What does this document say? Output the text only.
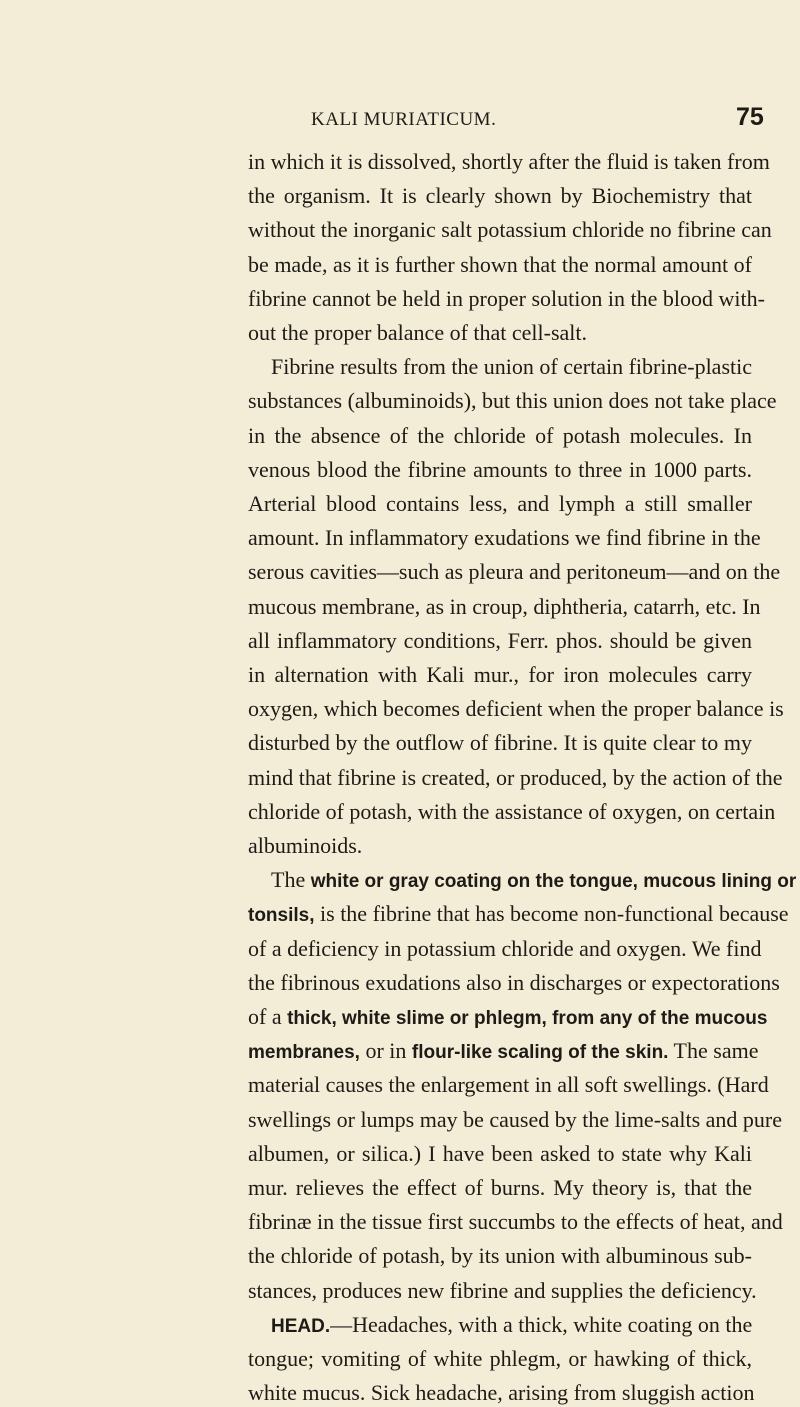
KALI MURIATICUM.	75
in which it is dissolved, shortly after the fluid is taken from
the organism. It is clearly shown by Biochemistry that
without the inorganic salt potassium chloride no fibrine can
be made, as it is further shown that the normal amount of
fibrine cannot be held in proper solution in the blood with-
out the proper balance of that cell-salt.
Fibrine results from the union of certain fibrine-plastic
substances (albuminoids), but this union does not take place
in the absence of the chloride of potash molecules. In
venous blood the fibrine amounts to three in 1000 parts.
Arterial blood contains less, and lymph a still smaller
amount. In inflammatory exudations we find fibrine in the
serous cavities—such as pleura and peritoneum—and on the
mucous membrane, as in croup, diphtheria, catarrh, etc. In
all inflammatory conditions, Ferr. phos. should be given
in alternation with Kali mur., for iron molecules carry
oxygen, which becomes deficient when the proper balance is
disturbed by the outflow of fibrine. It is quite clear to my
mind that fibrine is created, or produced, by the action of the
chloride of potash, with the assistance of oxygen, on certain
albuminoids.
The white or gray coating on the tongue, mucous lining or
tonsils, is the fibrine that has become non-functional because
of a deficiency in potassium chloride and oxygen. We find
the fibrinous exudations also in discharges or expectorations
of a thick, white slime or phlegm, from any of the mucous
membranes, or in flour-like scaling of the skin. The same
material causes the enlargement in all soft swellings. (Hard
swellings or lumps may be caused by the lime-salts and pure
albumen, or silica.) I have been asked to state why Kali
mur. relieves the effect of burns. My theory is, that the
fibrinæ in the tissue first succumbs to the effects of heat, and
the chloride of potash, by its union with albuminous sub-
stances, produces new fibrine and supplies the deficiency.
HEAD.—Headaches, with a thick, white coating on the
tongue; vomiting of white phlegm, or hawking of thick,
white mucus. Sick headache, arising from sluggish action
